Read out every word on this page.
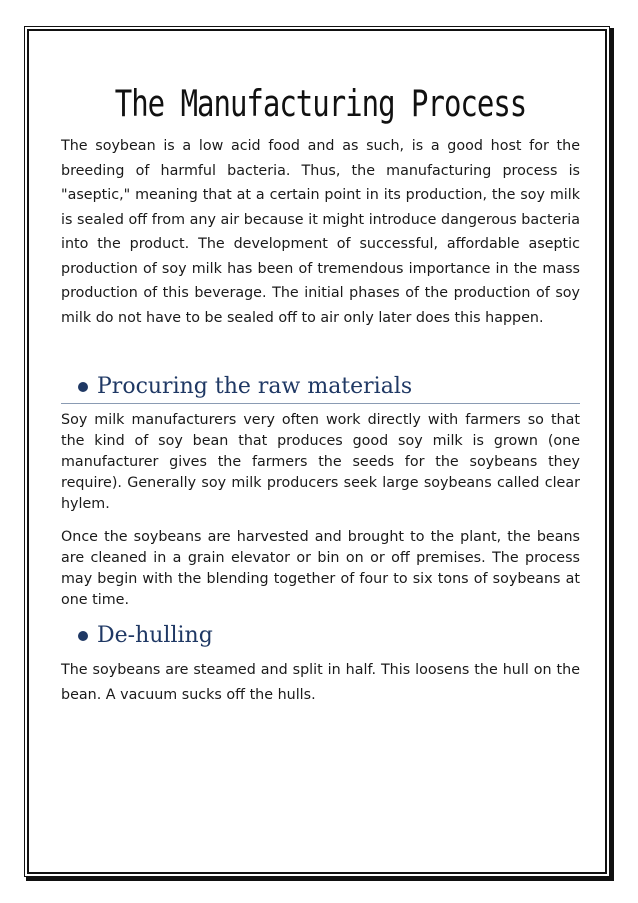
The Manufacturing Process

The soybean is a low acid food and as such, is a good host for the breeding of harmful bacteria. Thus, the manufacturing process is "aseptic," meaning that at a certain point in its production, the soy milk is sealed off from any air because it might introduce dangerous bacteria into the product. The development of successful, affordable aseptic production of soy milk has been of tremendous importance in the mass production of this beverage. The initial phases of the production of soy milk do not have to be sealed off to air only later does this happen.

Procuring the raw materials

Soy milk manufacturers very often work directly with farmers so that the kind of soy bean that produces good soy milk is grown (one manufacturer gives the farmers the seeds for the soybeans they require). Generally soy milk producers seek large soybeans called clear hylem.

Once the soybeans are harvested and brought to the plant, the beans are cleaned in a grain elevator or bin on or off premises. The process may begin with the blending together of four to six tons of soybeans at one time.

De-hulling

The soybeans are steamed and split in half. This loosens the hull on the bean. A vacuum sucks off the hulls.
